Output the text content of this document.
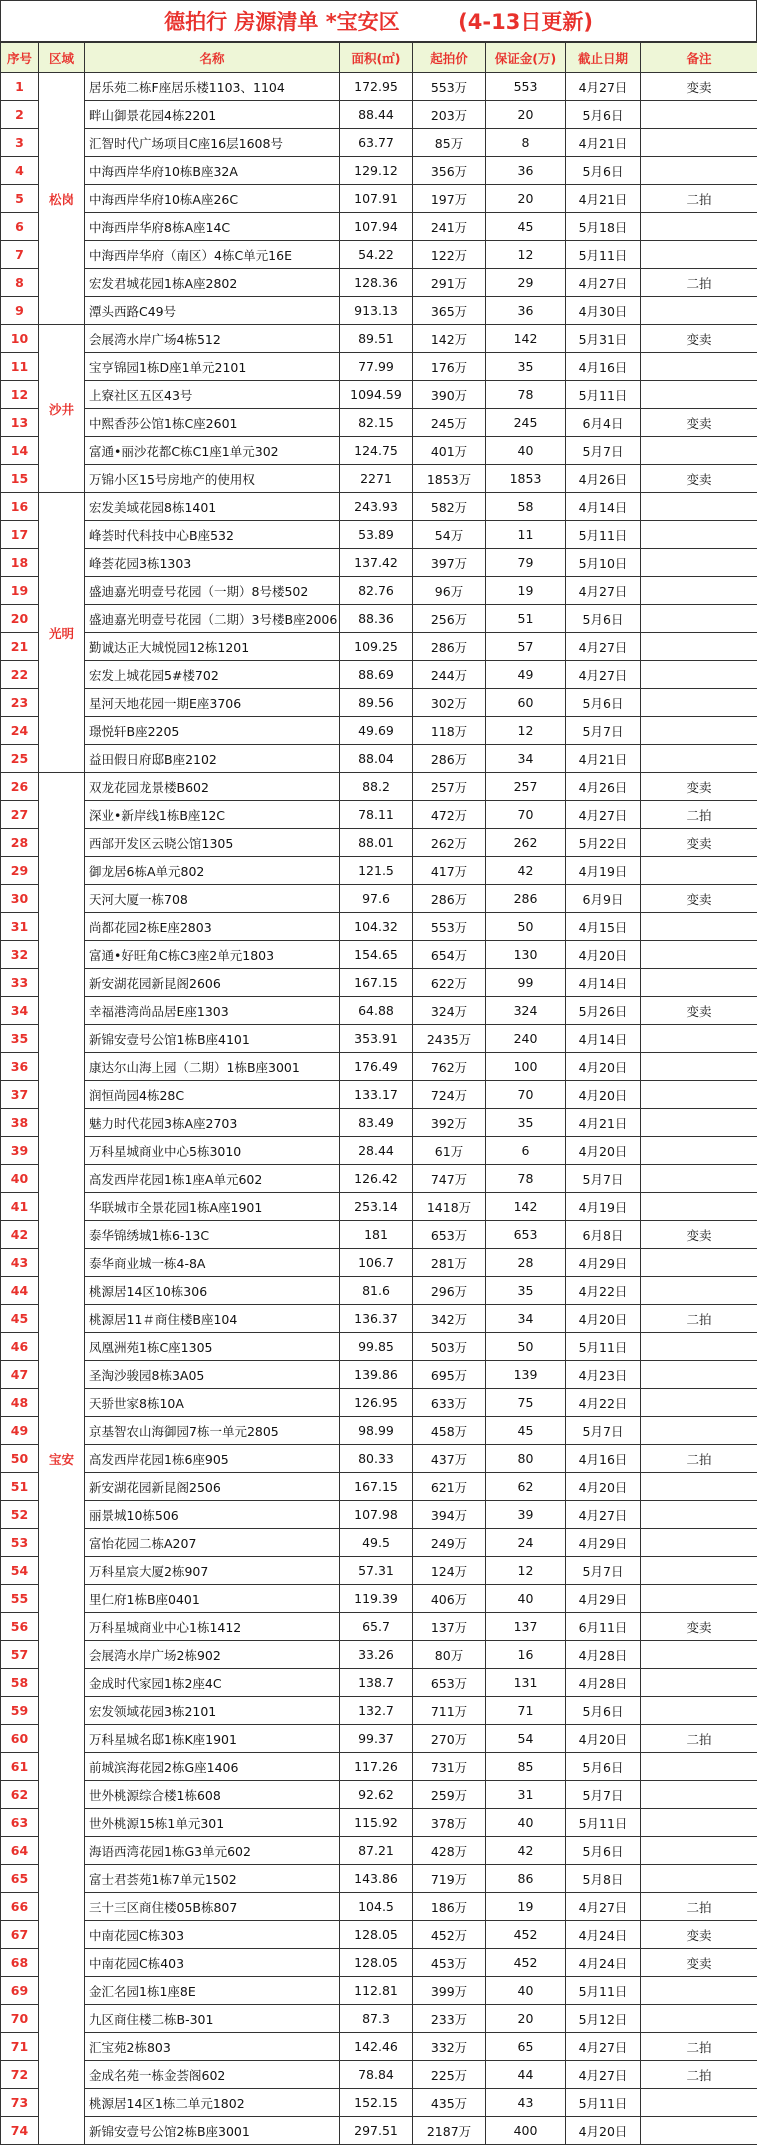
德拍行 房源清单 *宝安区        (4-13日更新)
序号	区域	名称	面积(㎡)	起拍价	保证金(万)	截止日期	备注
1	松岗	居乐苑二栋F座居乐楼1103、1104	172.95	553万	553	4月27日	变卖
2		畔山御景花园4栋2201	88.44	203万	20	5月6日	
3		汇智时代广场项目C座16层1608号	63.77	85万	8	4月21日	
4		中海西岸华府10栋B座32A	129.12	356万	36	5月6日	
5		中海西岸华府10栋A座26C	107.91	197万	20	4月21日	二拍
6		中海西岸华府8栋A座14C	107.94	241万	45	5月18日	
7		中海西岸华府（南区）4栋C单元16E	54.22	122万	12	5月11日	
8		宏发君城花园1栋A座2802	128.36	291万	29	4月27日	二拍
9		潭头西路C49号	913.13	365万	36	4月30日	
10	沙井	会展湾水岸广场4栋512	89.51	142万	142	5月31日	变卖
11		宝亨锦园1栋D座1单元2101	77.99	176万	35	4月16日	
12		上寮社区五区43号	1094.59	390万	78	5月11日	
13		中熙香莎公馆1栋C座2601	82.15	245万	245	6月4日	变卖
14		富通•丽沙花都C栋C1座1单元302	124.75	401万	40	5月7日	
15		万锦小区15号房地产的使用权	2271	1853万	1853	4月26日	变卖
16	光明	宏发美域花园8栋1401	243.93	582万	58	4月14日	
17		峰荟时代科技中心B座532	53.89	54万	11	5月11日	
18		峰荟花园3栋1303	137.42	397万	79	5月10日	
19		盛迪嘉光明壹号花园（一期）8号楼502	82.76	96万	19	4月27日	
20		盛迪嘉光明壹号花园（二期）3号楼B座2006	88.36	256万	51	5月6日	
21		勤诚达正大城悦园12栋1201	109.25	286万	57	4月27日	
22		宏发上城花园5#楼702	88.69	244万	49	4月27日	
23		星河天地花园一期E座3706	89.56	302万	60	5月6日	
24		璟悦轩B座2205	49.69	118万	12	5月7日	
25		益田假日府邸B座2102	88.04	286万	34	4月21日	
26	宝安	双龙花园龙景楼B602	88.2	257万	257	4月26日	变卖
27		深业•新岸线1栋B座12C	78.11	472万	70	4月27日	二拍
28		西部开发区云晓公馆1305	88.01	262万	262	5月22日	变卖
29		御龙居6栋A单元802	121.5	417万	42	4月19日	
30		天河大厦一栋708	97.6	286万	286	6月9日	变卖
31		尚都花园2栋E座2803	104.32	553万	50	4月15日	
32		富通•好旺角C栋C3座2单元1803	154.65	654万	130	4月20日	
33		新安湖花园新昆阁2606	167.15	622万	99	4月14日	
34		幸福港湾尚品居E座1303	64.88	324万	324	5月26日	变卖
35		新锦安壹号公馆1栋B座4101	353.91	2435万	240	4月14日	
36		康达尔山海上园（二期）1栋B座3001	176.49	762万	100	4月20日	
37		润恒尚园4栋28C	133.17	724万	70	4月20日	
38		魅力时代花园3栋A座2703	83.49	392万	35	4月21日	
39		万科星城商业中心5栋3010	28.44	61万	6	4月20日	
40		高发西岸花园1栋1座A单元602	126.42	747万	78	5月7日	
41		华联城市全景花园1栋A座1901	253.14	1418万	142	4月19日	
42		泰华锦绣城1栋6-13C	181	653万	653	6月8日	变卖
43		泰华商业城一栋4-8A	106.7	281万	28	4月29日	
44		桃源居14区10栋306	81.6	296万	35	4月22日	
45		桃源居11＃商住楼B座104	136.37	342万	34	4月20日	二拍
46		凤凰洲苑1栋C座1305	99.85	503万	50	5月11日	
47		圣淘沙骏园8栋3A05	139.86	695万	139	4月23日	
48		天骄世家8栋10A	126.95	633万	75	4月22日	
49		京基智农山海御园7栋一单元2805	98.99	458万	45	5月7日	
50		高发西岸花园1栋6座905	80.33	437万	80	4月16日	二拍
51		新安湖花园新昆阁2506	167.15	621万	62	4月20日	
52		丽景城10栋506	107.98	394万	39	4月27日	
53		富怡花园二栋A207	49.5	249万	24	4月29日	
54		万科星宸大厦2栋907	57.31	124万	12	5月7日	
55		里仁府1栋B座0401	119.39	406万	40	4月29日	
56		万科星城商业中心1栋1412	65.7	137万	137	6月11日	变卖
57		会展湾水岸广场2栋902	33.26	80万	16	4月28日	
58		金成时代家园1栋2座4C	138.7	653万	131	4月28日	
59		宏发领域花园3栋2101	132.7	711万	71	5月6日	
60		万科星城名邸1栋K座1901	99.37	270万	54	4月20日	二拍
61		前城滨海花园2栋G座1406	117.26	731万	85	5月6日	
62		世外桃源综合楼1栋608	92.62	259万	31	5月7日	
63		世外桃源15栋1单元301	115.92	378万	40	5月11日	
64		海语西湾花园1栋G3单元602	87.21	428万	42	5月6日	
65		富士君荟苑1栋7单元1502	143.86	719万	86	5月8日	
66		三十三区商住楼05B栋807	104.5	186万	19	4月27日	二拍
67		中南花园C栋303	128.05	452万	452	4月24日	变卖
68		中南花园C栋403	128.05	453万	452	4月24日	变卖
69		金汇名园1栋1座8E	112.81	399万	40	5月11日	
70		九区商住楼二栋B-301	87.3	233万	20	5月12日	
71		汇宝苑2栋803	142.46	332万	65	4月27日	二拍
72		金成名苑一栋金荟阁602	78.84	225万	44	4月27日	二拍
73		桃源居14区1栋二单元1802	152.15	435万	43	5月11日	
74		新锦安壹号公馆2栋B座3001	297.51	2187万	400	4月20日	
